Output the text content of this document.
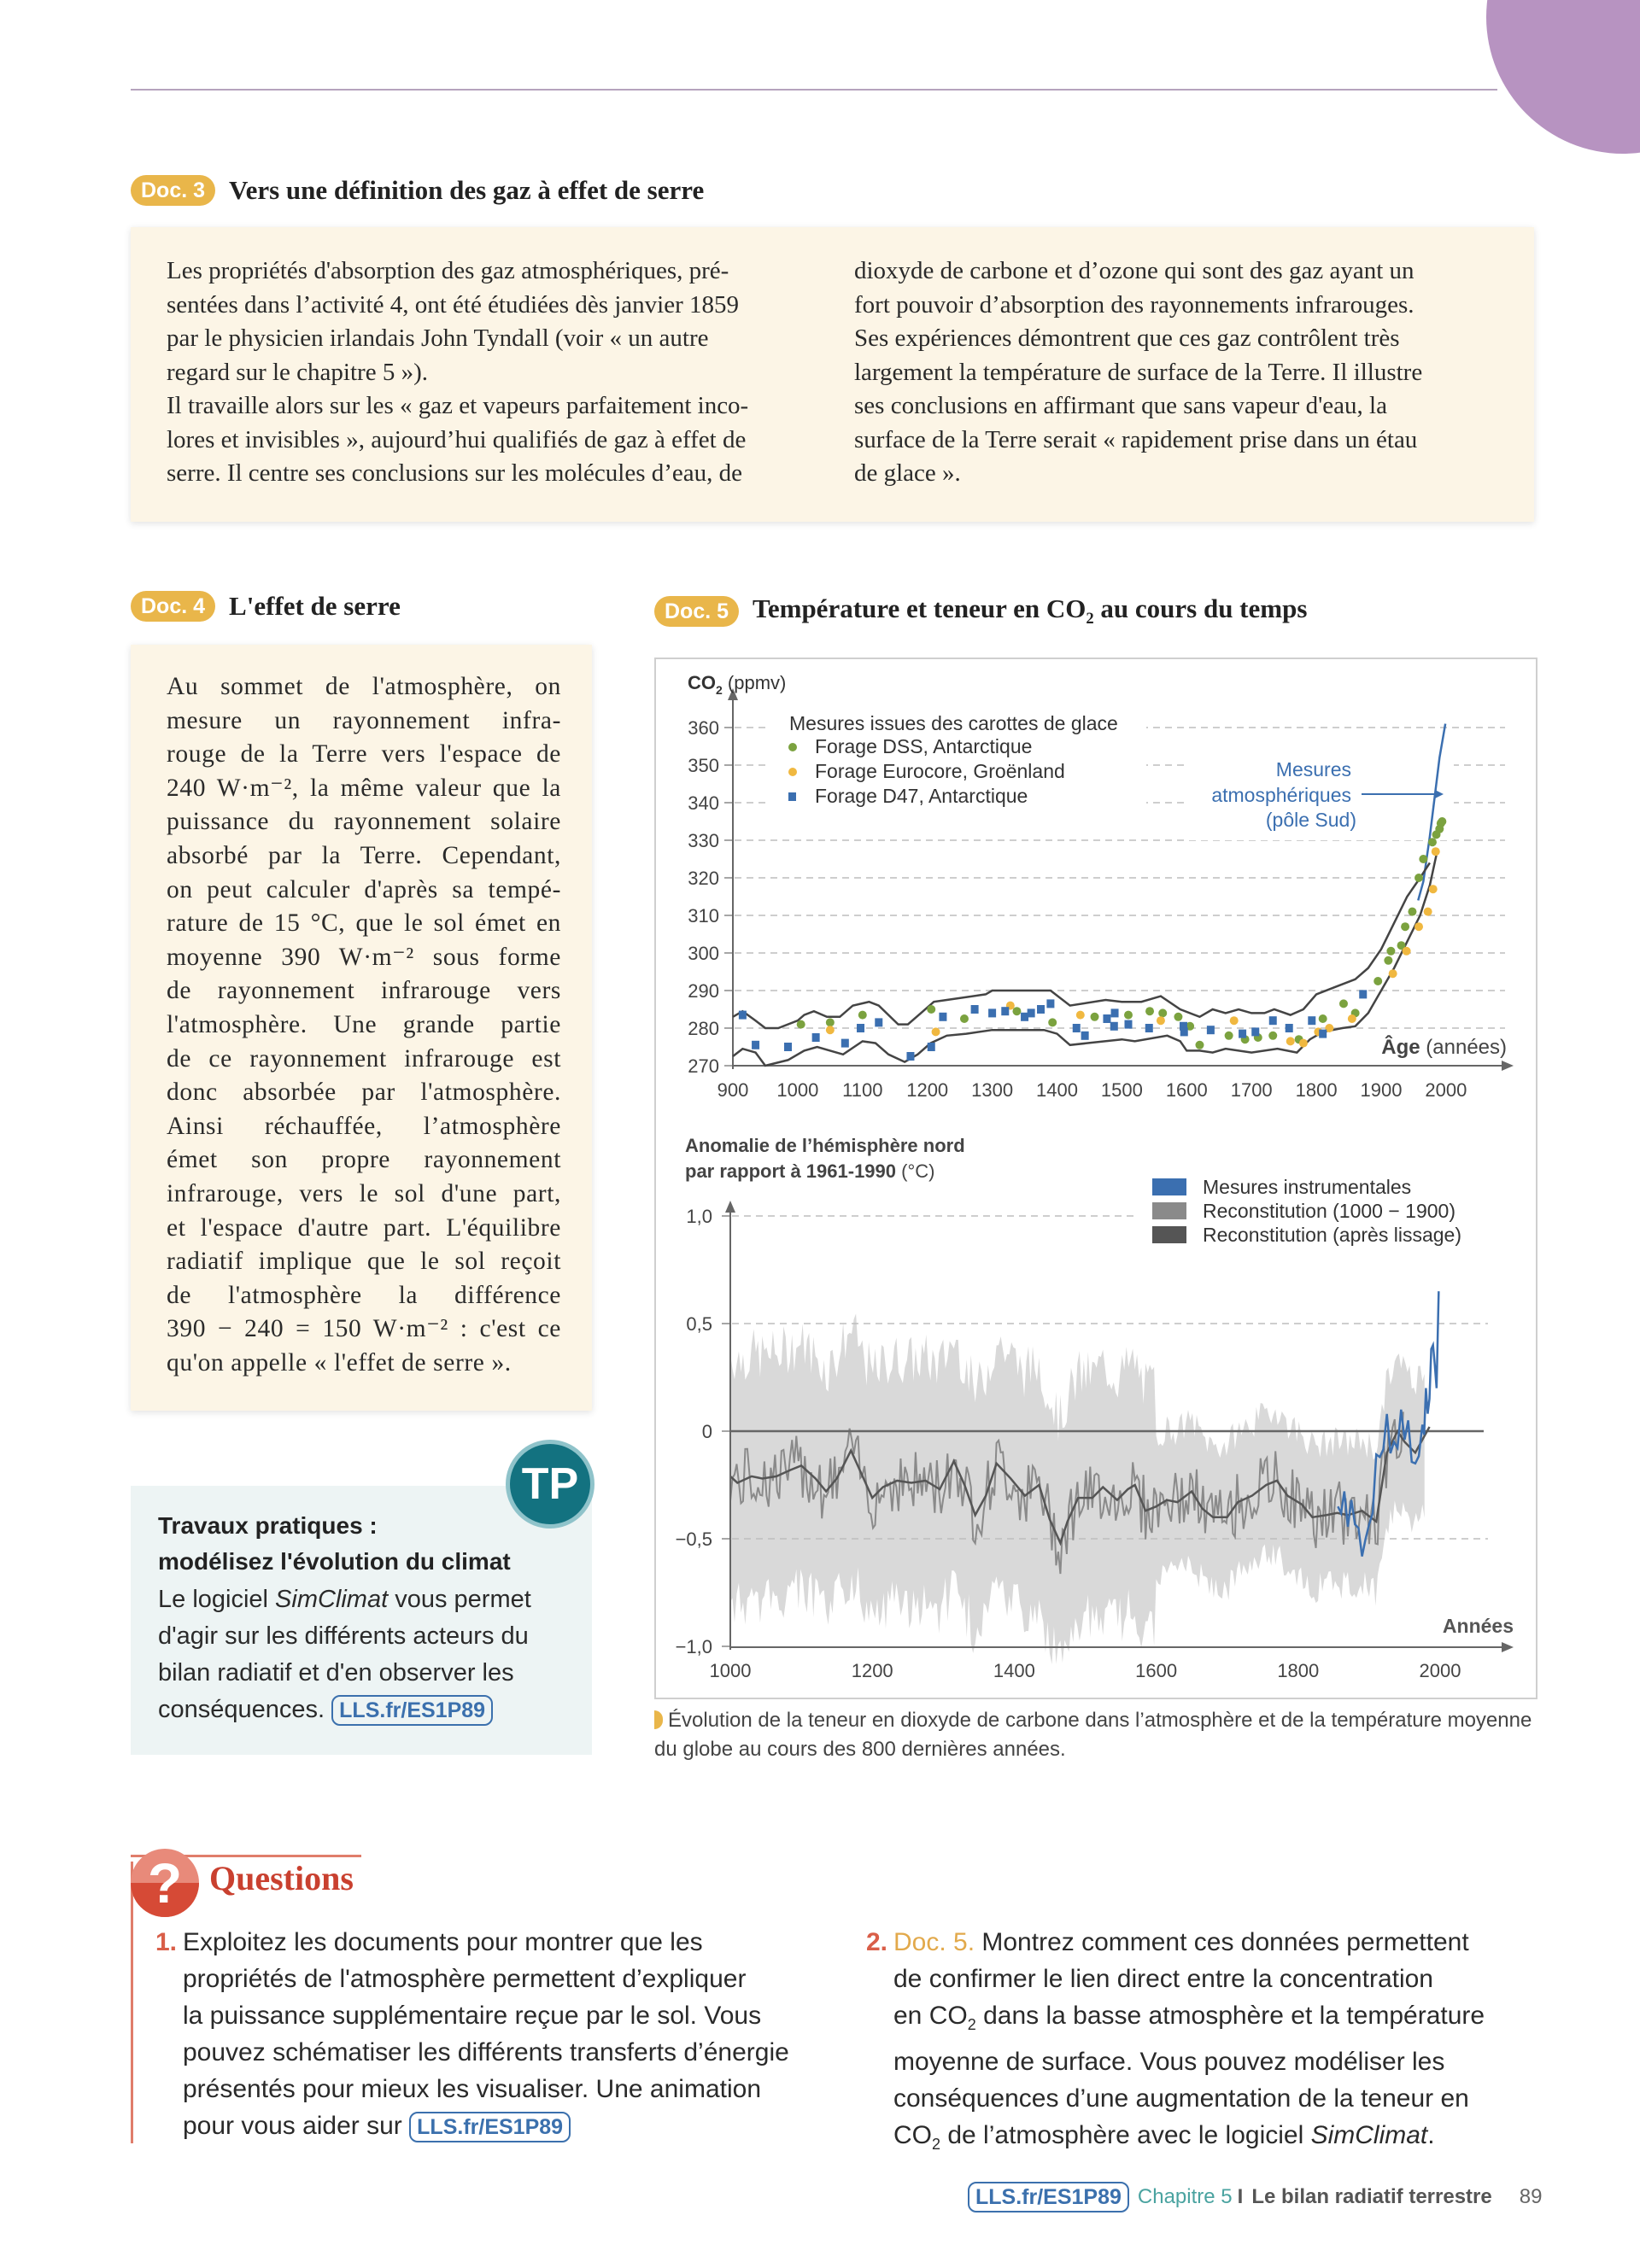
Doc. 3 Vers une définition des gaz à effet de serre
Les propriétés d'absorption des gaz atmosphériques, pré-
sentées dans l’activité 4, ont été étudiées dès janvier 1859
par le physicien irlandais John Tyndall (voir « un autre
regard sur le chapitre 5 »).
Il travaille alors sur les « gaz et vapeurs parfaitement inco-
lores et invisibles », aujourd’hui qualifiés de gaz à effet de
serre. Il centre ses conclusions sur les molécules d’eau, de
dioxyde de carbone et d’ozone qui sont des gaz ayant un
fort pouvoir d’absorption des rayonnements infrarouges.
Ses expériences démontrent que ces gaz contrôlent très
largement la température de surface de la Terre. Il illustre
ses conclusions en affirmant que sans vapeur d'eau, la
surface de la Terre serait « rapidement prise dans un étau
de glace ».
Doc. 4 L'effet de serre
Au sommet de l'atmosphère, on
mesure un rayonnement infra-
rouge de la Terre vers l'espace de
240 W·m⁻², la même valeur que la
puissance du rayonnement solaire
absorbé par la Terre. Cependant,
on peut calculer d'après sa tempé-
rature de 15 °C, que le sol émet en
moyenne 390 W·m⁻² sous forme
de rayonnement infrarouge vers
l'atmosphère. Une grande partie
de ce rayonnement infrarouge est
donc absorbée par l'atmosphère.
Ainsi réchauffée, l’atmosphère
émet son propre rayonnement
infrarouge, vers le sol d'une part,
et l'espace d'autre part. L'équilibre
radiatif implique que le sol reçoit
de l'atmosphère la différence
390 − 240 = 150 W·m⁻² : c'est ce
qu'on appelle « l'effet de serre ».
Travaux pratiques :
modélisez l'évolution du climat
Le logiciel SimClimat vous permet
d'agir sur les différents acteurs du
bilan radiatif et d'en observer les
conséquences. LLS.fr/ES1P89
TP
Doc. 5 Température et teneur en $CO_2$ au cours du temps
270
280
290
300
310
320
330
340
350
360
900 1000 1100 1200 1300 1400 1500 1600 1700 1800 1900 2000
$CO_2$ (ppmv)
Âge (années)
Mesures issues des carottes de glace
Forage DSS, Antarctique
Forage Eurocore, Groënland
Forage D47, Antarctique
Mesures
atmosphériques
(pôle Sud)
1,0
0,5
0
−0,5
−1,0
1000	1200	1400	1600	1800	2000
Années
Anomalie de l’hémisphère nord
par rapport à 1961-1990 (°C)
Mesures instrumentales
Reconstitution (1000 − 1900)
Reconstitution (après lissage)
Évolution de la teneur en dioxyde de carbone dans l’atmosphère et de la température moyenne du globe au cours des 800 dernières années.
? Questions
1. Exploitez les documents pour montrer que les
propriétés de l'atmosphère permettent d’expliquer
la puissance supplémentaire reçue par le sol. Vous
pouvez schématiser les différents transferts d’énergie
présentés pour mieux les visualiser. Une animation
pour vous aider sur LLS.fr/ES1P89
2. Doc. 5. Montrez comment ces données permettent
de confirmer le lien direct entre la concentration
en $CO_2$ dans la basse atmosphère et la température
moyenne de surface. Vous pouvez modéliser les
conséquences d’une augmentation de la teneur en
$CO_2$ de l’atmosphère avec le logiciel SimClimat.
LLS.fr/ES1P89 Chapitre 5 I Le bilan radiatif terrestre 89
